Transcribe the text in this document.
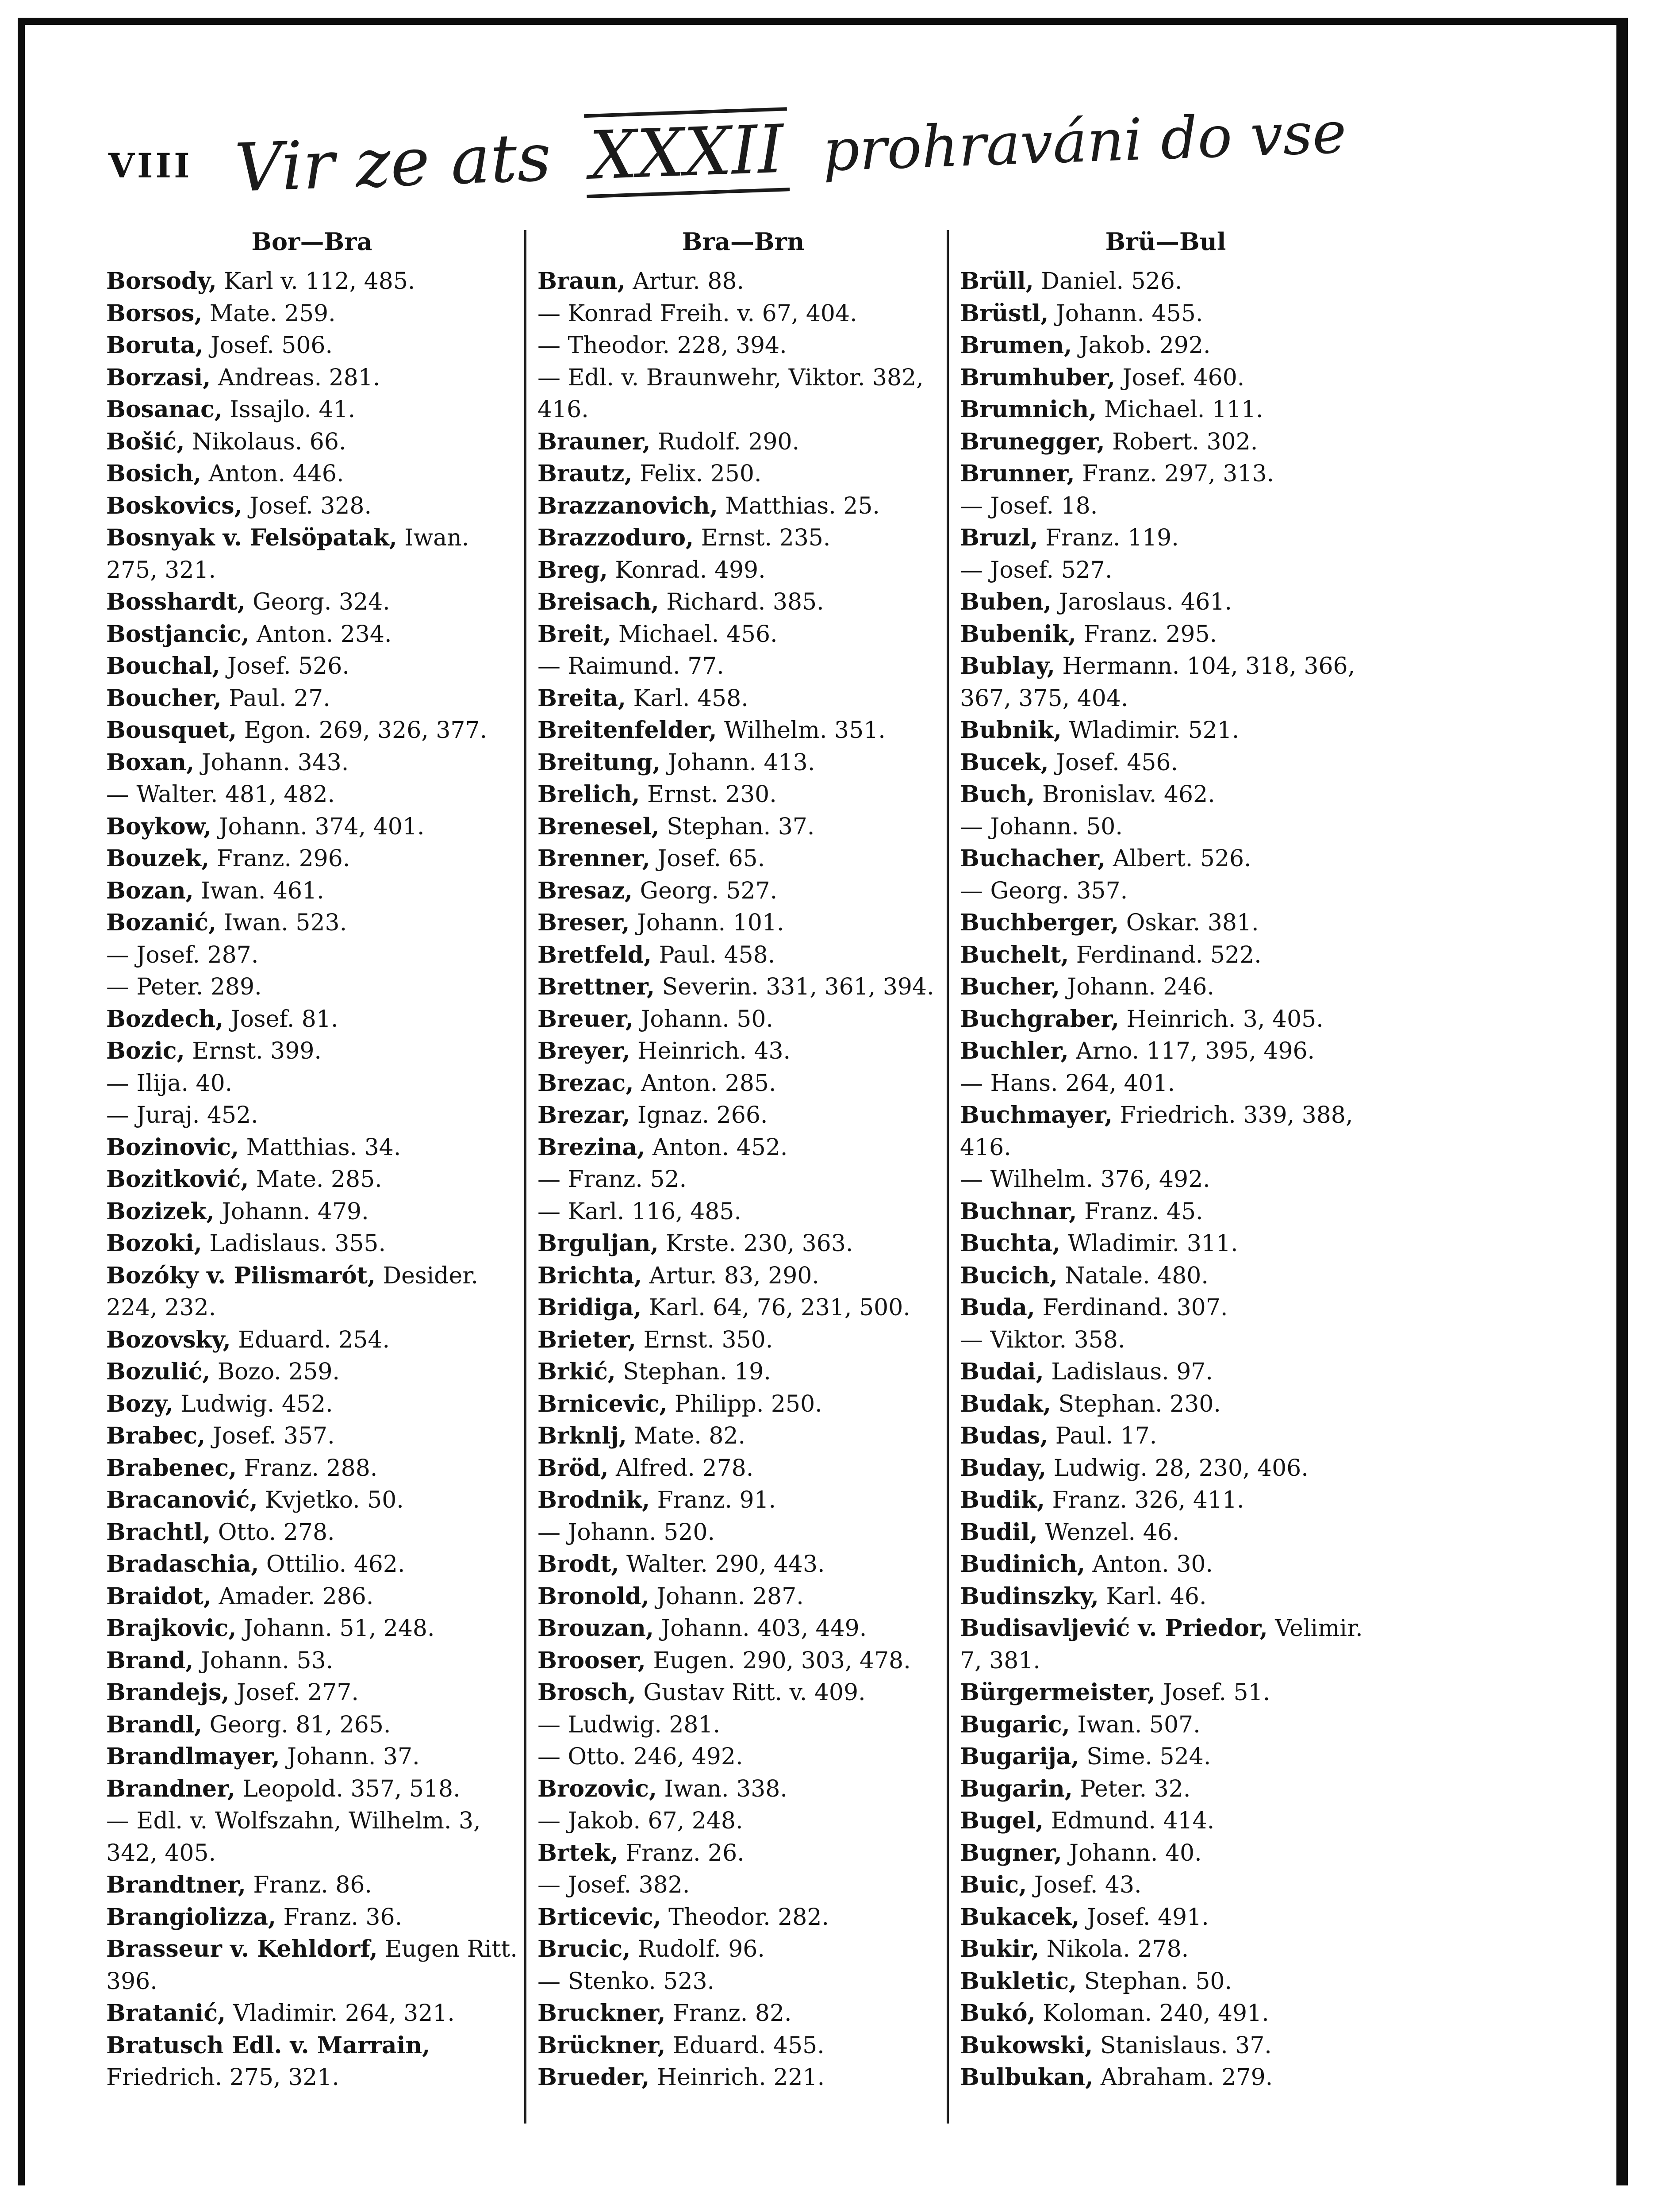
VIII Vir ze ats XXXII prohraváni do vse
Bor—Bra
Borsody, Karl v. 112, 485.
Borsos, Mate. 259.
Boruta, Josef. 506.
Borzasi, Andreas. 281.
Bosanac, Issajlo. 41.
Bošić, Nikolaus. 66.
Bosich, Anton. 446.
Boskovics, Josef. 328.
Bosnyak v. Felsöpatak, Iwan. 275, 321.
Bosshardt, Georg. 324.
Bostjancic, Anton. 234.
Bouchal, Josef. 526.
Boucher, Paul. 27.
Bousquet, Egon. 269, 326, 377.
Boxan, Johann. 343.
— Walter. 481, 482.
Boykow, Johann. 374, 401.
Bouzek, Franz. 296.
Bozan, Iwan. 461.
Bozanić, Iwan. 523.
— Josef. 287.
— Peter. 289.
Bozdech, Josef. 81.
Bozic, Ernst. 399.
— Ilija. 40.
— Juraj. 452.
Bozinovic, Matthias. 34.
Bozitković, Mate. 285.
Bozizek, Johann. 479.
Bozoki, Ladislaus. 355.
Bozóky v. Pilismarót, Desider. 224, 232.
Bozovsky, Eduard. 254.
Bozulić, Bozo. 259.
Bozy, Ludwig. 452.
Brabec, Josef. 357.
Brabenec, Franz. 288.
Bracanović, Kvjetko. 50.
Brachtl, Otto. 278.
Bradaschia, Ottilio. 462.
Braidot, Amader. 286.
Brajkovic, Johann. 51, 248.
Brand, Johann. 53.
Brandejs, Josef. 277.
Brandl, Georg. 81, 265.
Brandlmayer, Johann. 37.
Brandner, Leopold. 357, 518.
— Edl. v. Wolfszahn, Wilhelm. 3, 342, 405.
Brandtner, Franz. 86.
Brangiolizza, Franz. 36.
Brasseur v. Kehldorf, Eugen Ritt. 396.
Bratanić, Vladimir. 264, 321.
Bratusch Edl. v. Marrain, Friedrich. 275, 321.
Bra—Brn
Braun, Artur. 88.
— Konrad Freih. v. 67, 404.
— Theodor. 228, 394.
— Edl. v. Braunwehr, Viktor. 382, 416.
Brauner, Rudolf. 290.
Brautz, Felix. 250.
Brazzanovich, Matthias. 25.
Brazzoduro, Ernst. 235.
Breg, Konrad. 499.
Breisach, Richard. 385.
Breit, Michael. 456.
— Raimund. 77.
Breita, Karl. 458.
Breitenfelder, Wilhelm. 351.
Breitung, Johann. 413.
Brelich, Ernst. 230.
Brenesel, Stephan. 37.
Brenner, Josef. 65.
Bresaz, Georg. 527.
Breser, Johann. 101.
Bretfeld, Paul. 458.
Brettner, Severin. 331, 361, 394.
Breuer, Johann. 50.
Breyer, Heinrich. 43.
Brezac, Anton. 285.
Brezar, Ignaz. 266.
Brezina, Anton. 452.
— Franz. 52.
— Karl. 116, 485.
Brguljan, Krste. 230, 363.
Brichta, Artur. 83, 290.
Bridiga, Karl. 64, 76, 231, 500.
Brieter, Ernst. 350.
Brkić, Stephan. 19.
Brnicevic, Philipp. 250.
Brknlj, Mate. 82.
Bröd, Alfred. 278.
Brodnik, Franz. 91.
— Johann. 520.
Brodt, Walter. 290, 443.
Bronold, Johann. 287.
Brouzan, Johann. 403, 449.
Brooser, Eugen. 290, 303, 478.
Brosch, Gustav Ritt. v. 409.
— Ludwig. 281.
— Otto. 246, 492.
Brozovic, Iwan. 338.
— Jakob. 67, 248.
Brtek, Franz. 26.
— Josef. 382.
Brticevic, Theodor. 282.
Brucic, Rudolf. 96.
— Stenko. 523.
Bruckner, Franz. 82.
Brückner, Eduard. 455.
Brueder, Heinrich. 221.
Brü—Bul
Brüll, Daniel. 526.
Brüstl, Johann. 455.
Brumen, Jakob. 292.
Brumhuber, Josef. 460.
Brumnich, Michael. 111.
Brunegger, Robert. 302.
Brunner, Franz. 297, 313.
— Josef. 18.
Bruzl, Franz. 119.
— Josef. 527.
Buben, Jaroslaus. 461.
Bubenik, Franz. 295.
Bublay, Hermann. 104, 318, 366, 367, 375, 404.
Bubnik, Wladimir. 521.
Bucek, Josef. 456.
Buch, Bronislav. 462.
— Johann. 50.
Buchacher, Albert. 526.
— Georg. 357.
Buchberger, Oskar. 381.
Buchelt, Ferdinand. 522.
Bucher, Johann. 246.
Buchgraber, Heinrich. 3, 405.
Buchler, Arno. 117, 395, 496.
— Hans. 264, 401.
Buchmayer, Friedrich. 339, 388, 416.
— Wilhelm. 376, 492.
Buchnar, Franz. 45.
Buchta, Wladimir. 311.
Bucich, Natale. 480.
Buda, Ferdinand. 307.
— Viktor. 358.
Budai, Ladislaus. 97.
Budak, Stephan. 230.
Budas, Paul. 17.
Buday, Ludwig. 28, 230, 406.
Budik, Franz. 326, 411.
Budil, Wenzel. 46.
Budinich, Anton. 30.
Budinszky, Karl. 46.
Budisavljević v. Priedor, Velimir. 7, 381.
Bürgermeister, Josef. 51.
Bugaric, Iwan. 507.
Bugarija, Sime. 524.
Bugarin, Peter. 32.
Bugel, Edmund. 414.
Bugner, Johann. 40.
Buic, Josef. 43.
Bukacek, Josef. 491.
Bukir, Nikola. 278.
Bukletic, Stephan. 50.
Bukó, Koloman. 240, 491.
Bukowski, Stanislaus. 37.
Bulbukan, Abraham. 279.
